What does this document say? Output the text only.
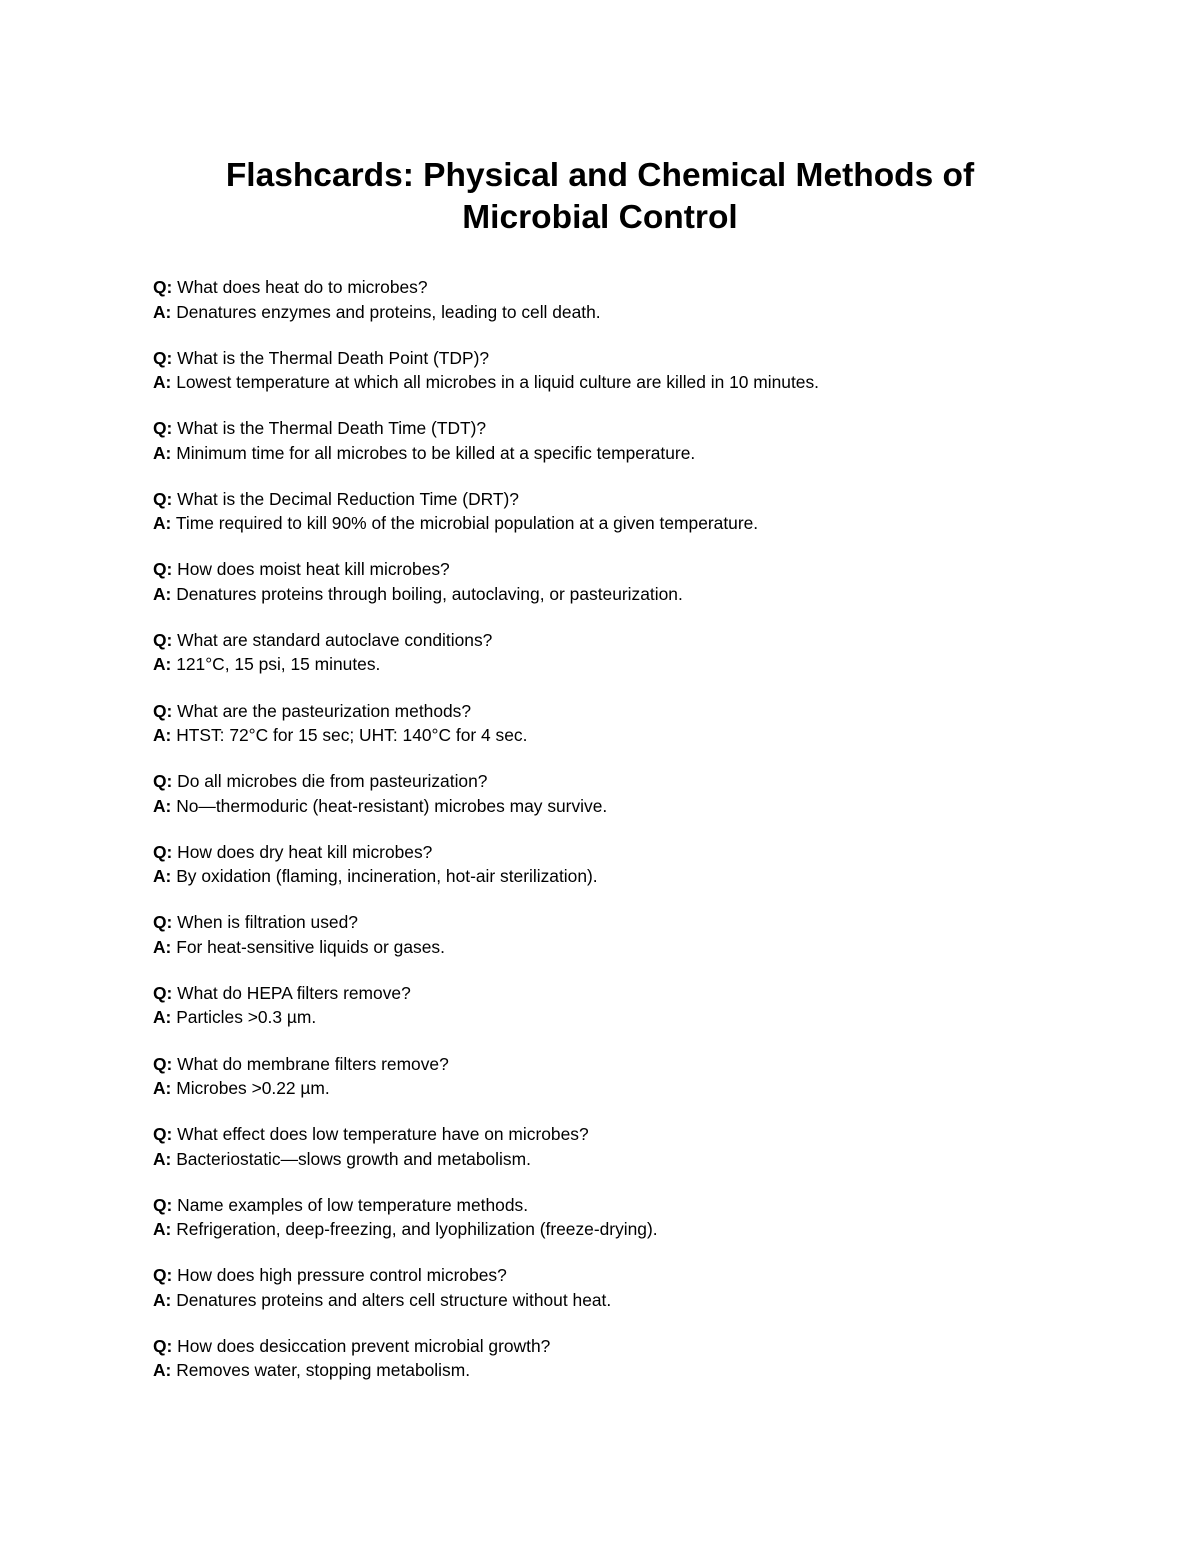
Flashcards: Physical and Chemical Methods of
Microbial Control
Q: What does heat do to microbes?
A: Denatures enzymes and proteins, leading to cell death.
Q: What is the Thermal Death Point (TDP)?
A: Lowest temperature at which all microbes in a liquid culture are killed in 10 minutes.
Q: What is the Thermal Death Time (TDT)?
A: Minimum time for all microbes to be killed at a specific temperature.
Q: What is the Decimal Reduction Time (DRT)?
A: Time required to kill 90% of the microbial population at a given temperature.
Q: How does moist heat kill microbes?
A: Denatures proteins through boiling, autoclaving, or pasteurization.
Q: What are standard autoclave conditions?
A: 121°C, 15 psi, 15 minutes.
Q: What are the pasteurization methods?
A: HTST: 72°C for 15 sec; UHT: 140°C for 4 sec.
Q: Do all microbes die from pasteurization?
A: No—thermoduric (heat-resistant) microbes may survive.
Q: How does dry heat kill microbes?
A: By oxidation (flaming, incineration, hot-air sterilization).
Q: When is filtration used?
A: For heat-sensitive liquids or gases.
Q: What do HEPA filters remove?
A: Particles >0.3 µm.
Q: What do membrane filters remove?
A: Microbes >0.22 µm.
Q: What effect does low temperature have on microbes?
A: Bacteriostatic—slows growth and metabolism.
Q: Name examples of low temperature methods.
A: Refrigeration, deep-freezing, and lyophilization (freeze-drying).
Q: How does high pressure control microbes?
A: Denatures proteins and alters cell structure without heat.
Q: How does desiccation prevent microbial growth?
A: Removes water, stopping metabolism.
